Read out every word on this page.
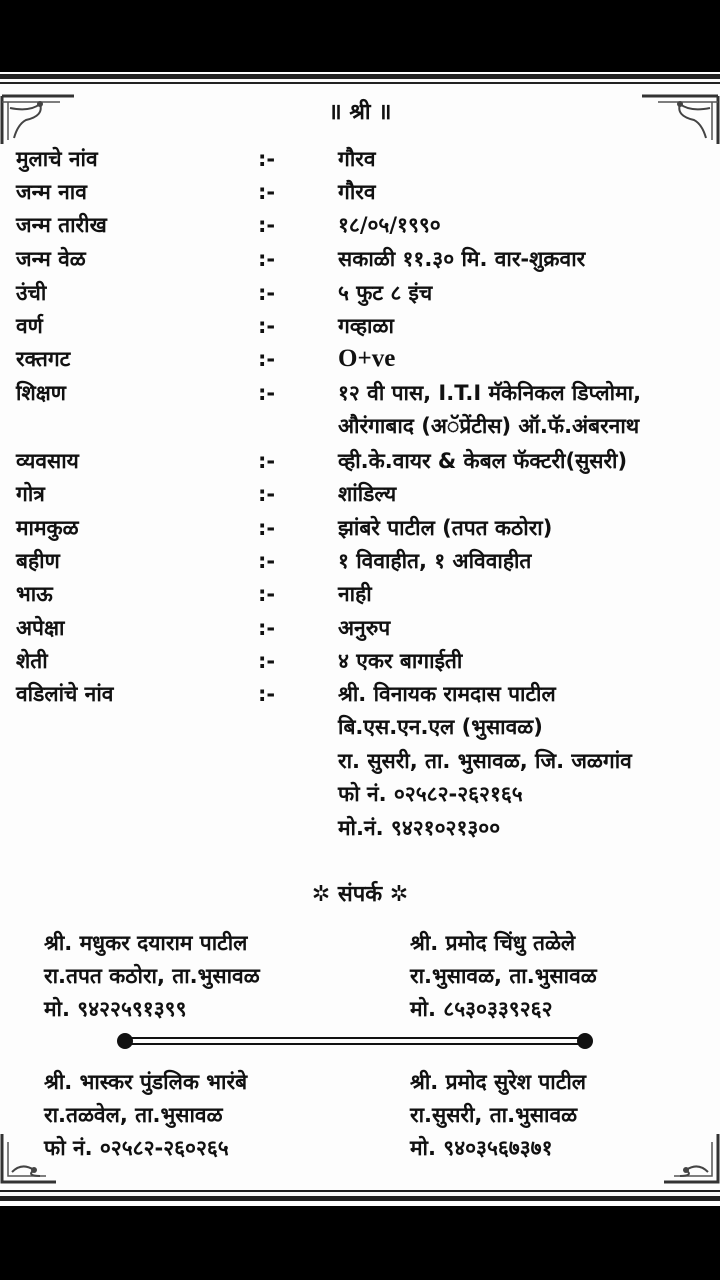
॥ श्री ॥
मुलाचे नांव	:-	गौरव
जन्म नाव	:-	गौरव
जन्म तारीख	:-	१८/०५/१९९०
जन्म वेळ	:-	सकाळी ११.३० मि. वार-शुक्रवार
उंची	:-	५ फुट ८ इंच
वर्ण	:-	गव्हाळा
रक्तगट	:-	O+ve
शिक्षण	:-	१२ वी पास, I.T.I मॅकेनिकल डिप्लोमा,
औरंगाबाद (अॅप्रेंटीस) ऑ.फॅ.अंबरनाथ
व्यवसाय	:-	व्ही.के.वायर & केबल फॅक्टरी(सुसरी)
गोत्र	:-	शांडिल्य
मामकुळ	:-	झांबरे पाटील (तपत कठोरा)
बहीण	:-	१ विवाहीत, १ अविवाहीत
भाऊ	:-	नाही
अपेक्षा	:-	अनुरुप
शेती	:-	४ एकर बागाईती
वडिलांचे नांव	:-	श्री. विनायक रामदास पाटील
बि.एस.एन.एल (भुसावळ)
रा. सुसरी, ता. भुसावळ, जि. जळगांव
फो नं. ०२५८२-२६२१६५
मो.नं. ९४२१०२१३००
✲ संपर्क ✲
श्री. मधुकर दयाराम पाटील
रा.तपत कठोरा, ता.भुसावळ
मो. ९४२२५९१३९९
श्री. प्रमोद चिंधु तळेले
रा.भुसावळ, ता.भुसावळ
मो. ८५३०३३९२६२
श्री. भास्कर पुंडलिक भारंबे
रा.तळवेल, ता.भुसावळ
फो नं. ०२५८२-२६०२६५
श्री. प्रमोद सुरेश पाटील
रा.सुसरी, ता.भुसावळ
मो. ९४०३५६७३७१
